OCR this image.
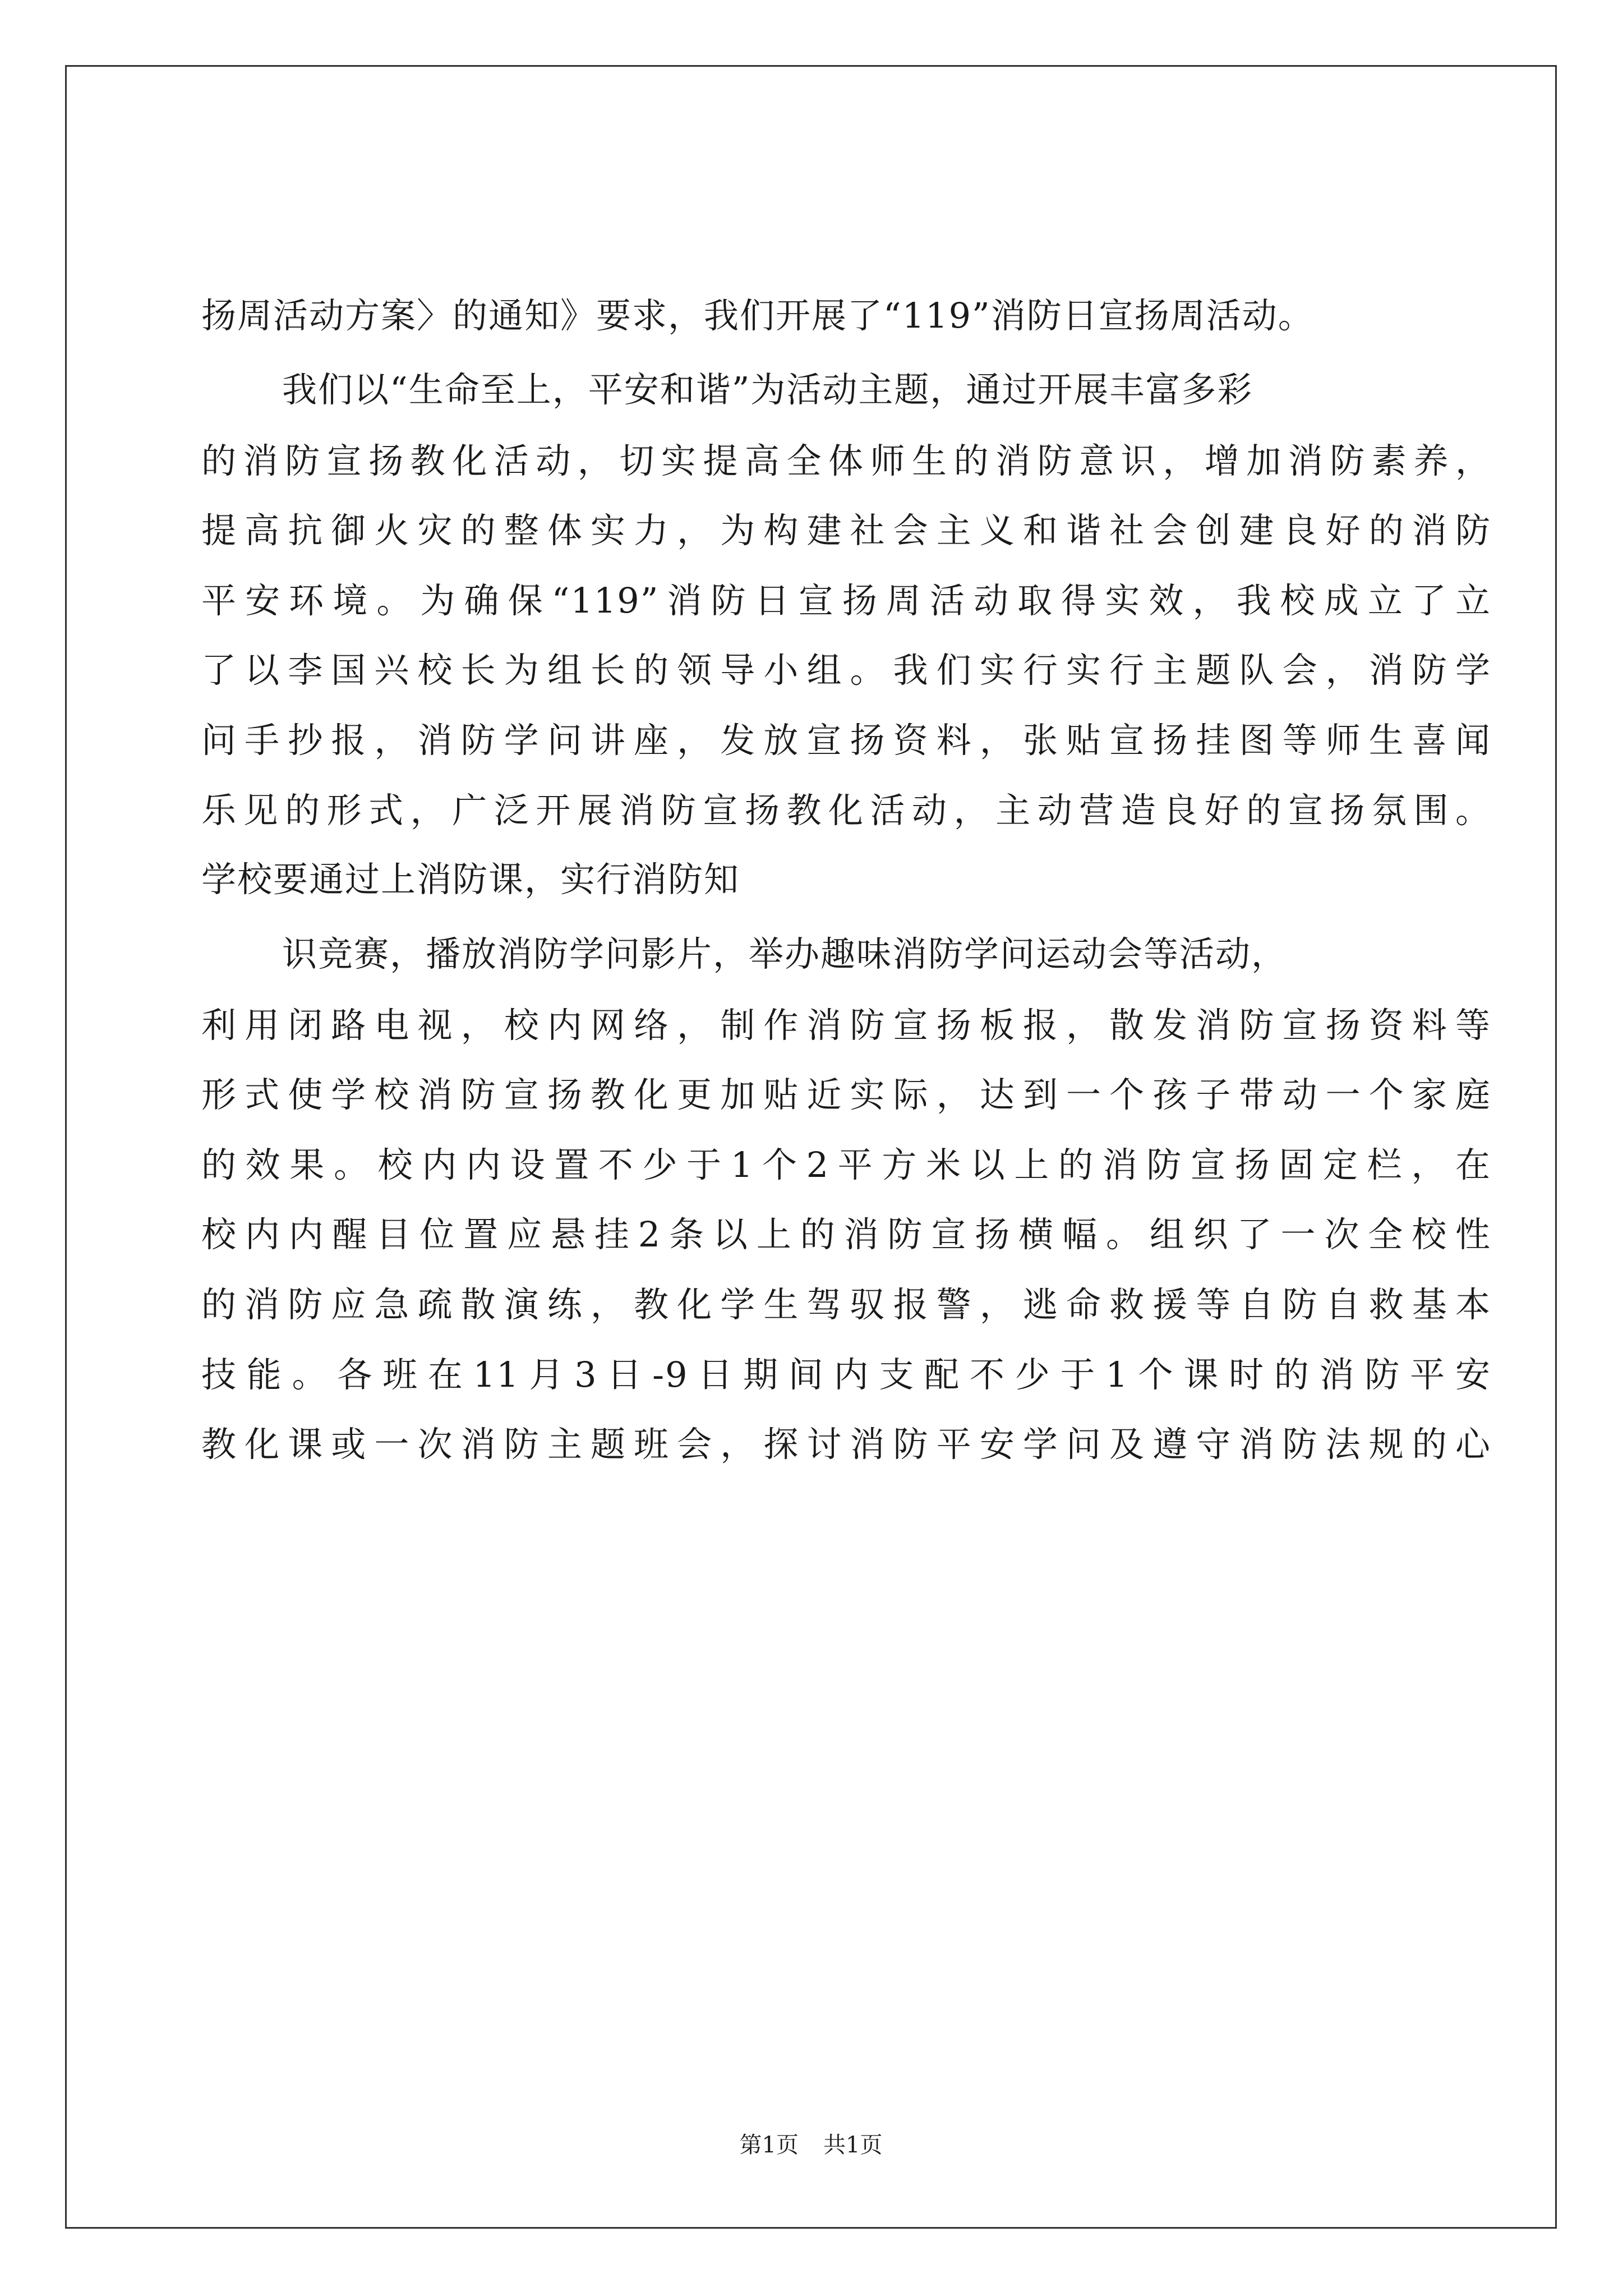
扬周活动方案〉的通知》要求，我们开展了“119”消防日宣扬周活动。
我们以“生命至上，平安和谐”为活动主题，通过开展丰富多彩
的消防宣扬教化活动，切实提高全体师生的消防意识，增加消防素养，
提高抗御火灾的整体实力，为构建社会主义和谐社会创建良好的消防
平安环境。为确保“119”消防日宣扬周活动取得实效，我校成立了立
了以李国兴校长为组长的领导小组。我们实行实行主题队会，消防学
问手抄报，消防学问讲座，发放宣扬资料，张贴宣扬挂图等师生喜闻
乐见的形式，广泛开展消防宣扬教化活动，主动营造良好的宣扬氛围。
学校要通过上消防课，实行消防知
识竞赛，播放消防学问影片，举办趣味消防学问运动会等活动，
利用闭路电视，校内网络，制作消防宣扬板报，散发消防宣扬资料等
形式使学校消防宣扬教化更加贴近实际，达到一个孩子带动一个家庭
的效果。校内内设置不少于1个2平方米以上的消防宣扬固定栏，在
校内内醒目位置应悬挂2条以上的消防宣扬横幅。组织了一次全校性
的消防应急疏散演练，教化学生驾驭报警，逃命救援等自防自救基本
技能。各班在11月3日-9日期间内支配不少于1个课时的消防平安
教化课或一次消防主题班会，探讨消防平安学问及遵守消防法规的心
第1页 共1页
